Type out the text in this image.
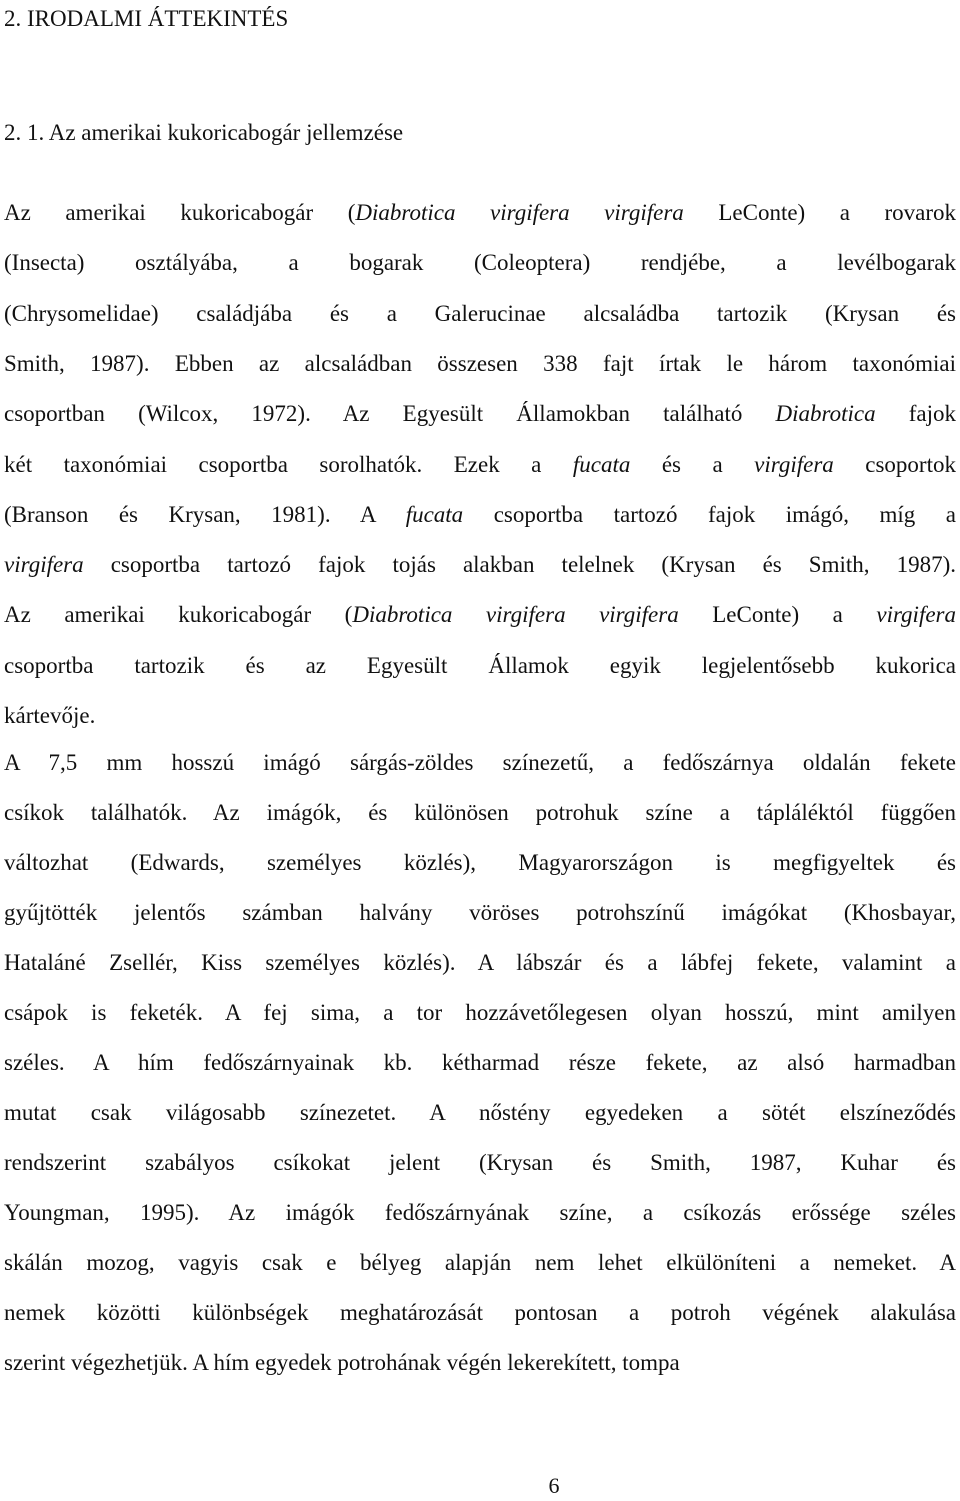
2. IRODALMI ÁTTEKINTÉS
2. 1. Az amerikai kukoricabogár jellemzése
Az amerikai kukoricabogár (Diabrotica virgifera virgifera LeConte) a rovarok
(Insecta) osztályába, a bogarak (Coleoptera) rendjébe, a levélbogarak
(Chrysomelidae) családjába és a Galerucinae alcsaládba tartozik (Krysan és
Smith, 1987). Ebben az alcsaládban összesen 338 fajt írtak le három taxonómiai
csoportban (Wilcox, 1972). Az Egyesült Államokban található Diabrotica fajok
két taxonómiai csoportba sorolhatók. Ezek a fucata és a virgifera csoportok
(Branson és Krysan, 1981). A fucata csoportba tartozó fajok imágó, míg a
virgifera csoportba tartozó fajok tojás alakban telelnek (Krysan és Smith, 1987).
Az amerikai kukoricabogár (Diabrotica virgifera virgifera LeConte) a virgifera
csoportba tartozik és az Egyesült Államok egyik legjelentősebb kukorica
kártevője.
A 7,5 mm hosszú imágó sárgás-zöldes színezetű, a fedőszárnya oldalán fekete
csíkok találhatók. Az imágók, és különösen potrohuk színe a tápláléktól függően
változhat (Edwards, személyes közlés), Magyarországon is megfigyeltek és
gyűjtötték jelentős számban halvány vöröses potrohszínű imágókat (Khosbayar,
Hataláné Zsellér, Kiss személyes közlés). A lábszár és a lábfej fekete, valamint a
csápok is feketék. A fej sima, a tor hozzávetőlegesen olyan hosszú, mint amilyen
széles. A hím fedőszárnyainak kb. kétharmad része fekete, az alsó harmadban
mutat csak világosabb színezetet. A nőstény egyedeken a sötét elszíneződés
rendszerint szabályos csíkokat jelent (Krysan és Smith, 1987, Kuhar és
Youngman, 1995). Az imágók fedőszárnyának színe, a csíkozás erőssége széles
skálán mozog, vagyis csak e bélyeg alapján nem lehet elkülöníteni a nemeket. A
nemek közötti különbségek meghatározását pontosan a potroh végének alakulása
szerint végezhetjük. A hím egyedek potrohának végén lekerekített, tompa
6
